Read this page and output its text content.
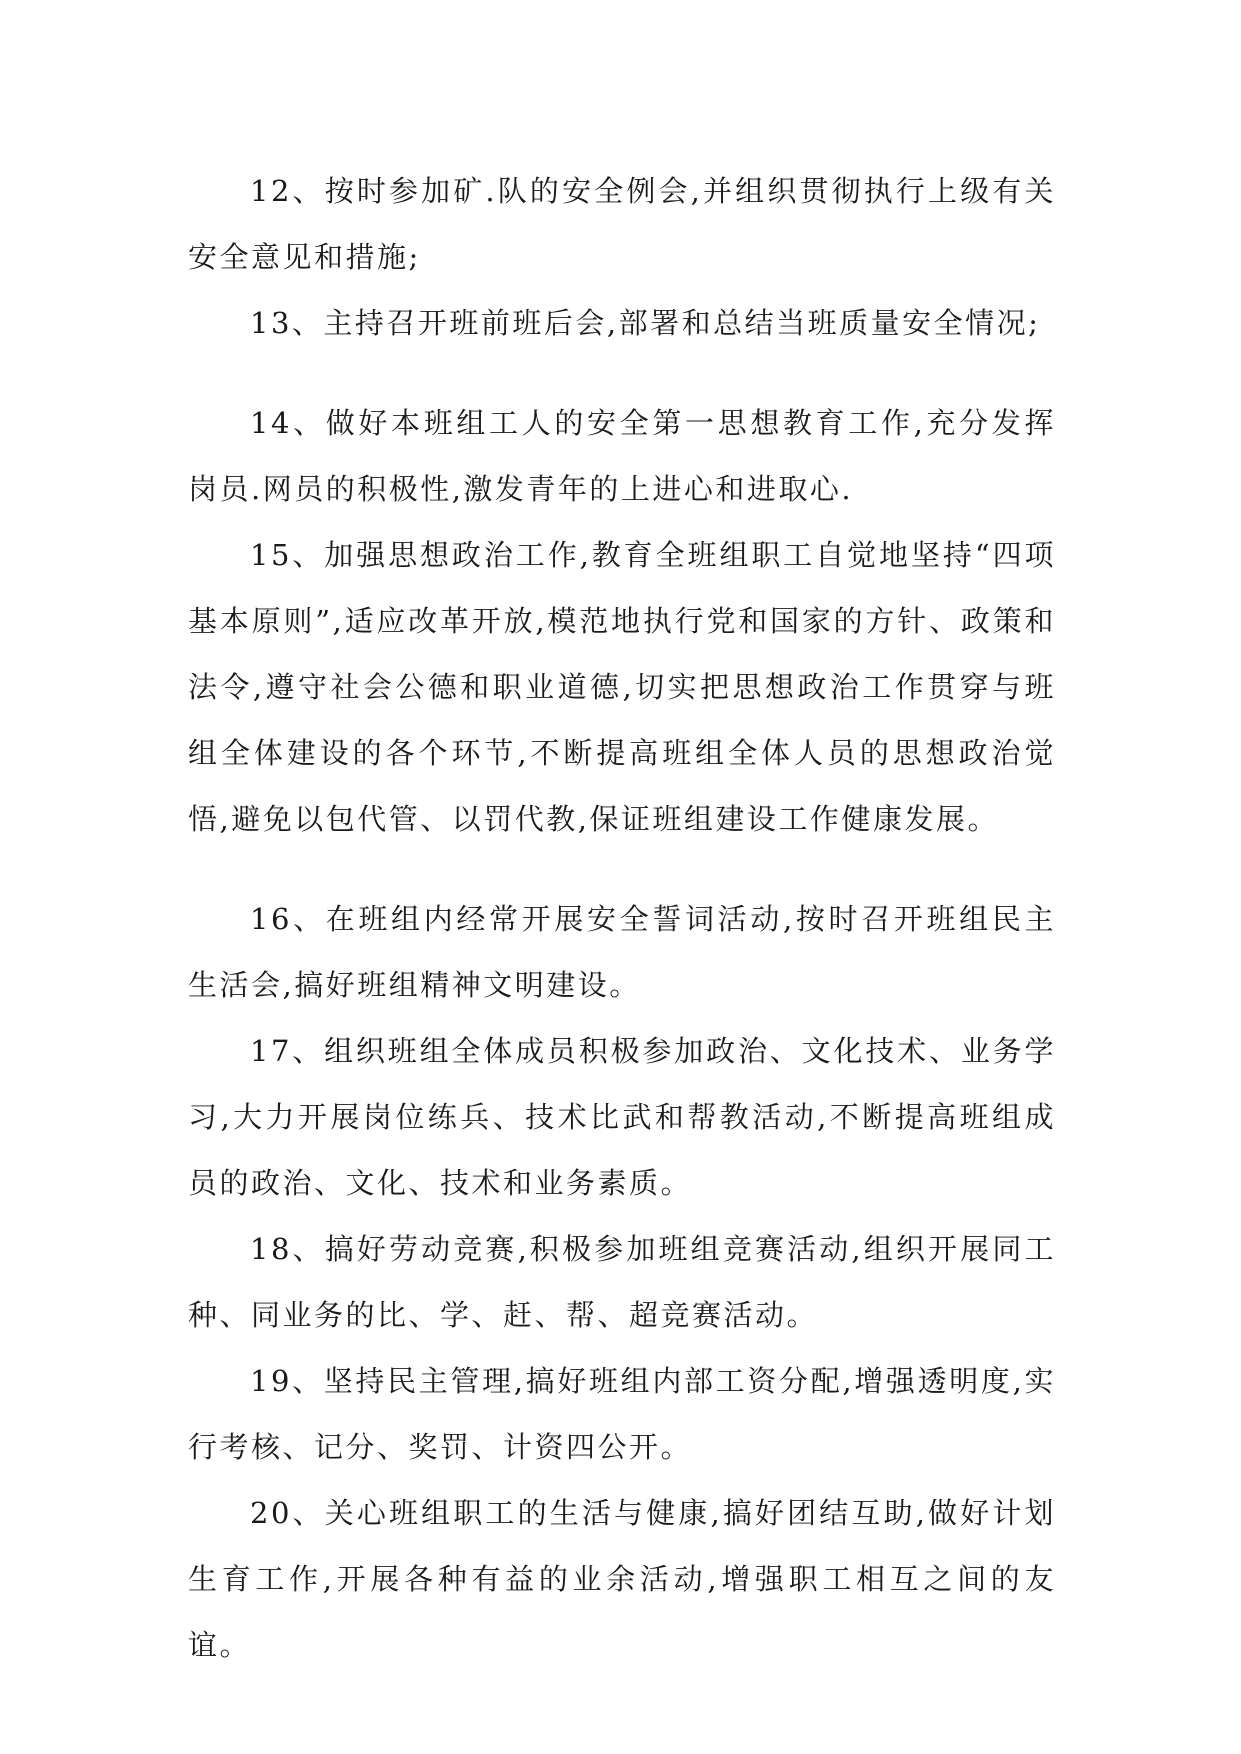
12、按时参加矿.队的安全例会,并组织贯彻执行上级有关安全意见和措施;

13、主持召开班前班后会,部署和总结当班质量安全情况;

14、做好本班组工人的安全第一思想教育工作,充分发挥岗员.网员的积极性,激发青年的上进心和进取心.

15、加强思想政治工作,教育全班组职工自觉地坚持“四项基本原则”,适应改革开放,模范地执行党和国家的方针、政策和法令,遵守社会公德和职业道德,切实把思想政治工作贯穿与班组全体建设的各个环节,不断提高班组全体人员的思想政治觉悟,避免以包代管、以罚代教,保证班组建设工作健康发展。

16、在班组内经常开展安全誓词活动,按时召开班组民主生活会,搞好班组精神文明建设。

17、组织班组全体成员积极参加政治、文化技术、业务学习,大力开展岗位练兵、技术比武和帮教活动,不断提高班组成员的政治、文化、技术和业务素质。

18、搞好劳动竞赛,积极参加班组竞赛活动,组织开展同工种、同业务的比、学、赶、帮、超竞赛活动。

19、坚持民主管理,搞好班组内部工资分配,增强透明度,实行考核、记分、奖罚、计资四公开。

20、关心班组职工的生活与健康,搞好团结互助,做好计划生育工作,开展各种有益的业余活动,增强职工相互之间的友谊。
